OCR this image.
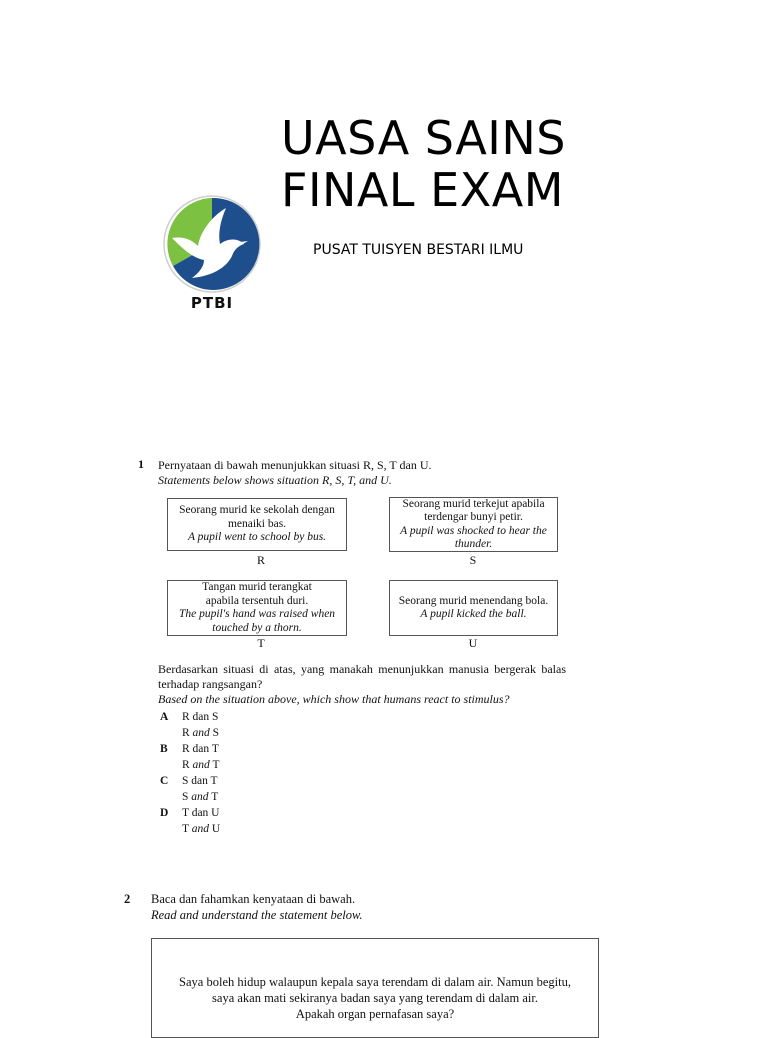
UASA SAINS
FINAL EXAM
PUSAT TUISYEN BESTARI ILMU
PTBI
1 Pernyataan di bawah menunjukkan situasi R, S, T dan U.
Statements below shows situation R, S, T, and U.
Seorang murid ke sekolah dengan menaiki bas.
A pupil went to school by bus.
R
Seorang murid terkejut apabila terdengar bunyi petir.
A pupil was shocked to hear the thunder.
S
Tangan murid terangkat apabila tersentuh duri.
The pupil's hand was raised when touched by a thorn.
T
Seorang murid menendang bola.
A pupil kicked the ball.
U
Berdasarkan situasi di atas, yang manakah menunjukkan manusia bergerak balas
terhadap rangsangan?
Based on the situation above, which show that humans react to stimulus?
A R dan S
R and S
B R dan T
R and T
C S dan T
S and T
D T dan U
T and U
2 Baca dan fahamkan kenyataan di bawah.
Read and understand the statement below.
Saya boleh hidup walaupun kepala saya terendam di dalam air. Namun begitu,
saya akan mati sekiranya badan saya yang terendam di dalam air.
Apakah organ pernafasan saya?
